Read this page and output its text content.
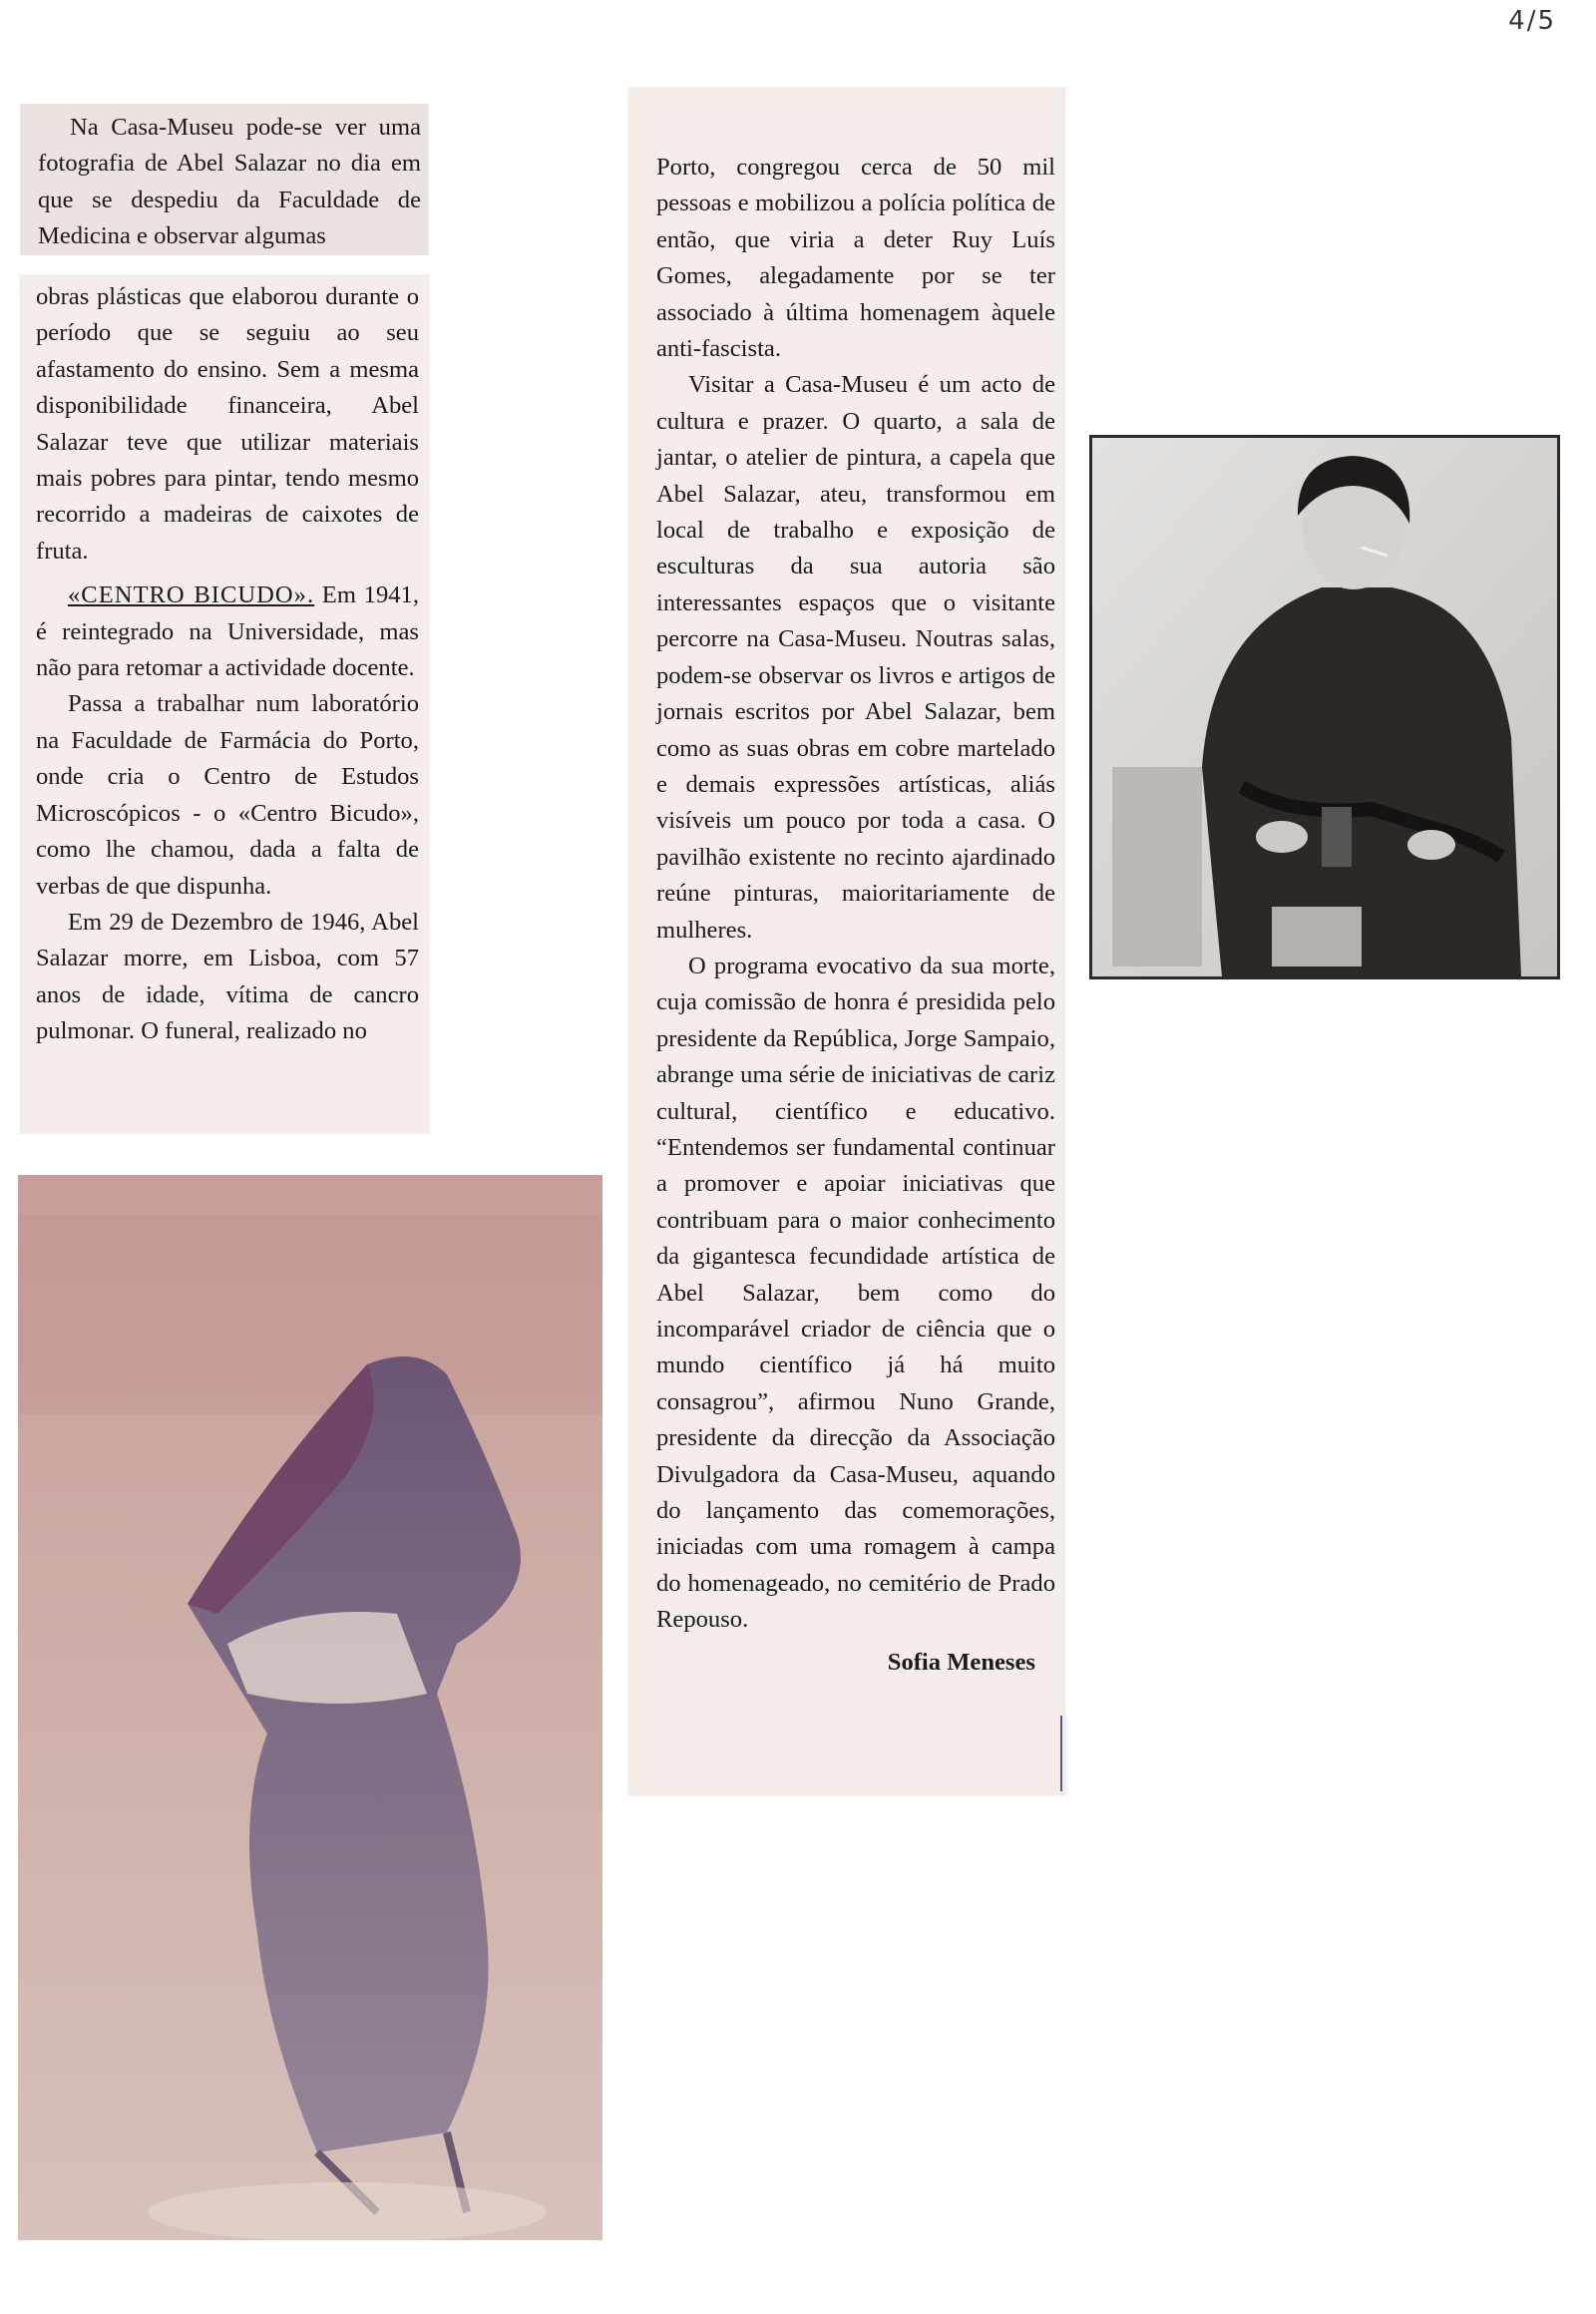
4/5

Na Casa-Museu pode-se ver uma fotografia de Abel Salazar no dia em que se despediu da Faculdade de Medicina e observar algumas

obras plásticas que elaborou durante o período que se seguiu ao seu afastamento do ensino. Sem a mesma disponibilidade financeira, Abel Salazar teve que utilizar materiais mais pobres para pintar, tendo mesmo recorrido a madeiras de caixotes de fruta.

«CENTRO BICUDO». Em 1941, é reintegrado na Universidade, mas não para retomar a actividade docente.

Passa a trabalhar num laboratório na Faculdade de Farmácia do Porto, onde cria o Centro de Estudos Microscópicos - o «Centro Bicudo», como lhe chamou, dada a falta de verbas de que dispunha.

Em 29 de Dezembro de 1946, Abel Salazar morre, em Lisboa, com 57 anos de idade, vítima de cancro pulmonar. O funeral, realizado no

Porto, congregou cerca de 50 mil pessoas e mobilizou a polícia política de então, que viria a deter Ruy Luís Gomes, alegadamente por se ter associado à última homenagem àquele anti-fascista.

Visitar a Casa-Museu é um acto de cultura e prazer. O quarto, a sala de jantar, o atelier de pintura, a capela que Abel Salazar, ateu, transformou em local de trabalho e exposição de esculturas da sua autoria são interessantes espaços que o visitante percorre na Casa-Museu. Noutras salas, podem-se observar os livros e artigos de jornais escritos por Abel Salazar, bem como as suas obras em cobre martelado e demais expressões artísticas, aliás visíveis um pouco por toda a casa. O pavilhão existente no recinto ajardinado reúne pinturas, maioritariamente de mulheres.

O programa evocativo da sua morte, cuja comissão de honra é presidida pelo presidente da República, Jorge Sampaio, abrange uma série de iniciativas de cariz cultural, científico e educativo. “Entendemos ser fundamental continuar a promover e apoiar iniciativas que contribuam para o maior conhecimento da gigantesca fecundidade artística de Abel Salazar, bem como do incomparável criador de ciência que o mundo científico já há muito consagrou”, afirmou Nuno Grande, presidente da direcção da Associação Divulgadora da Casa-Museu, aquando do lançamento das comemorações, iniciadas com uma romagem à campa do homenageado, no cemitério de Prado Repouso.

Sofia Meneses
